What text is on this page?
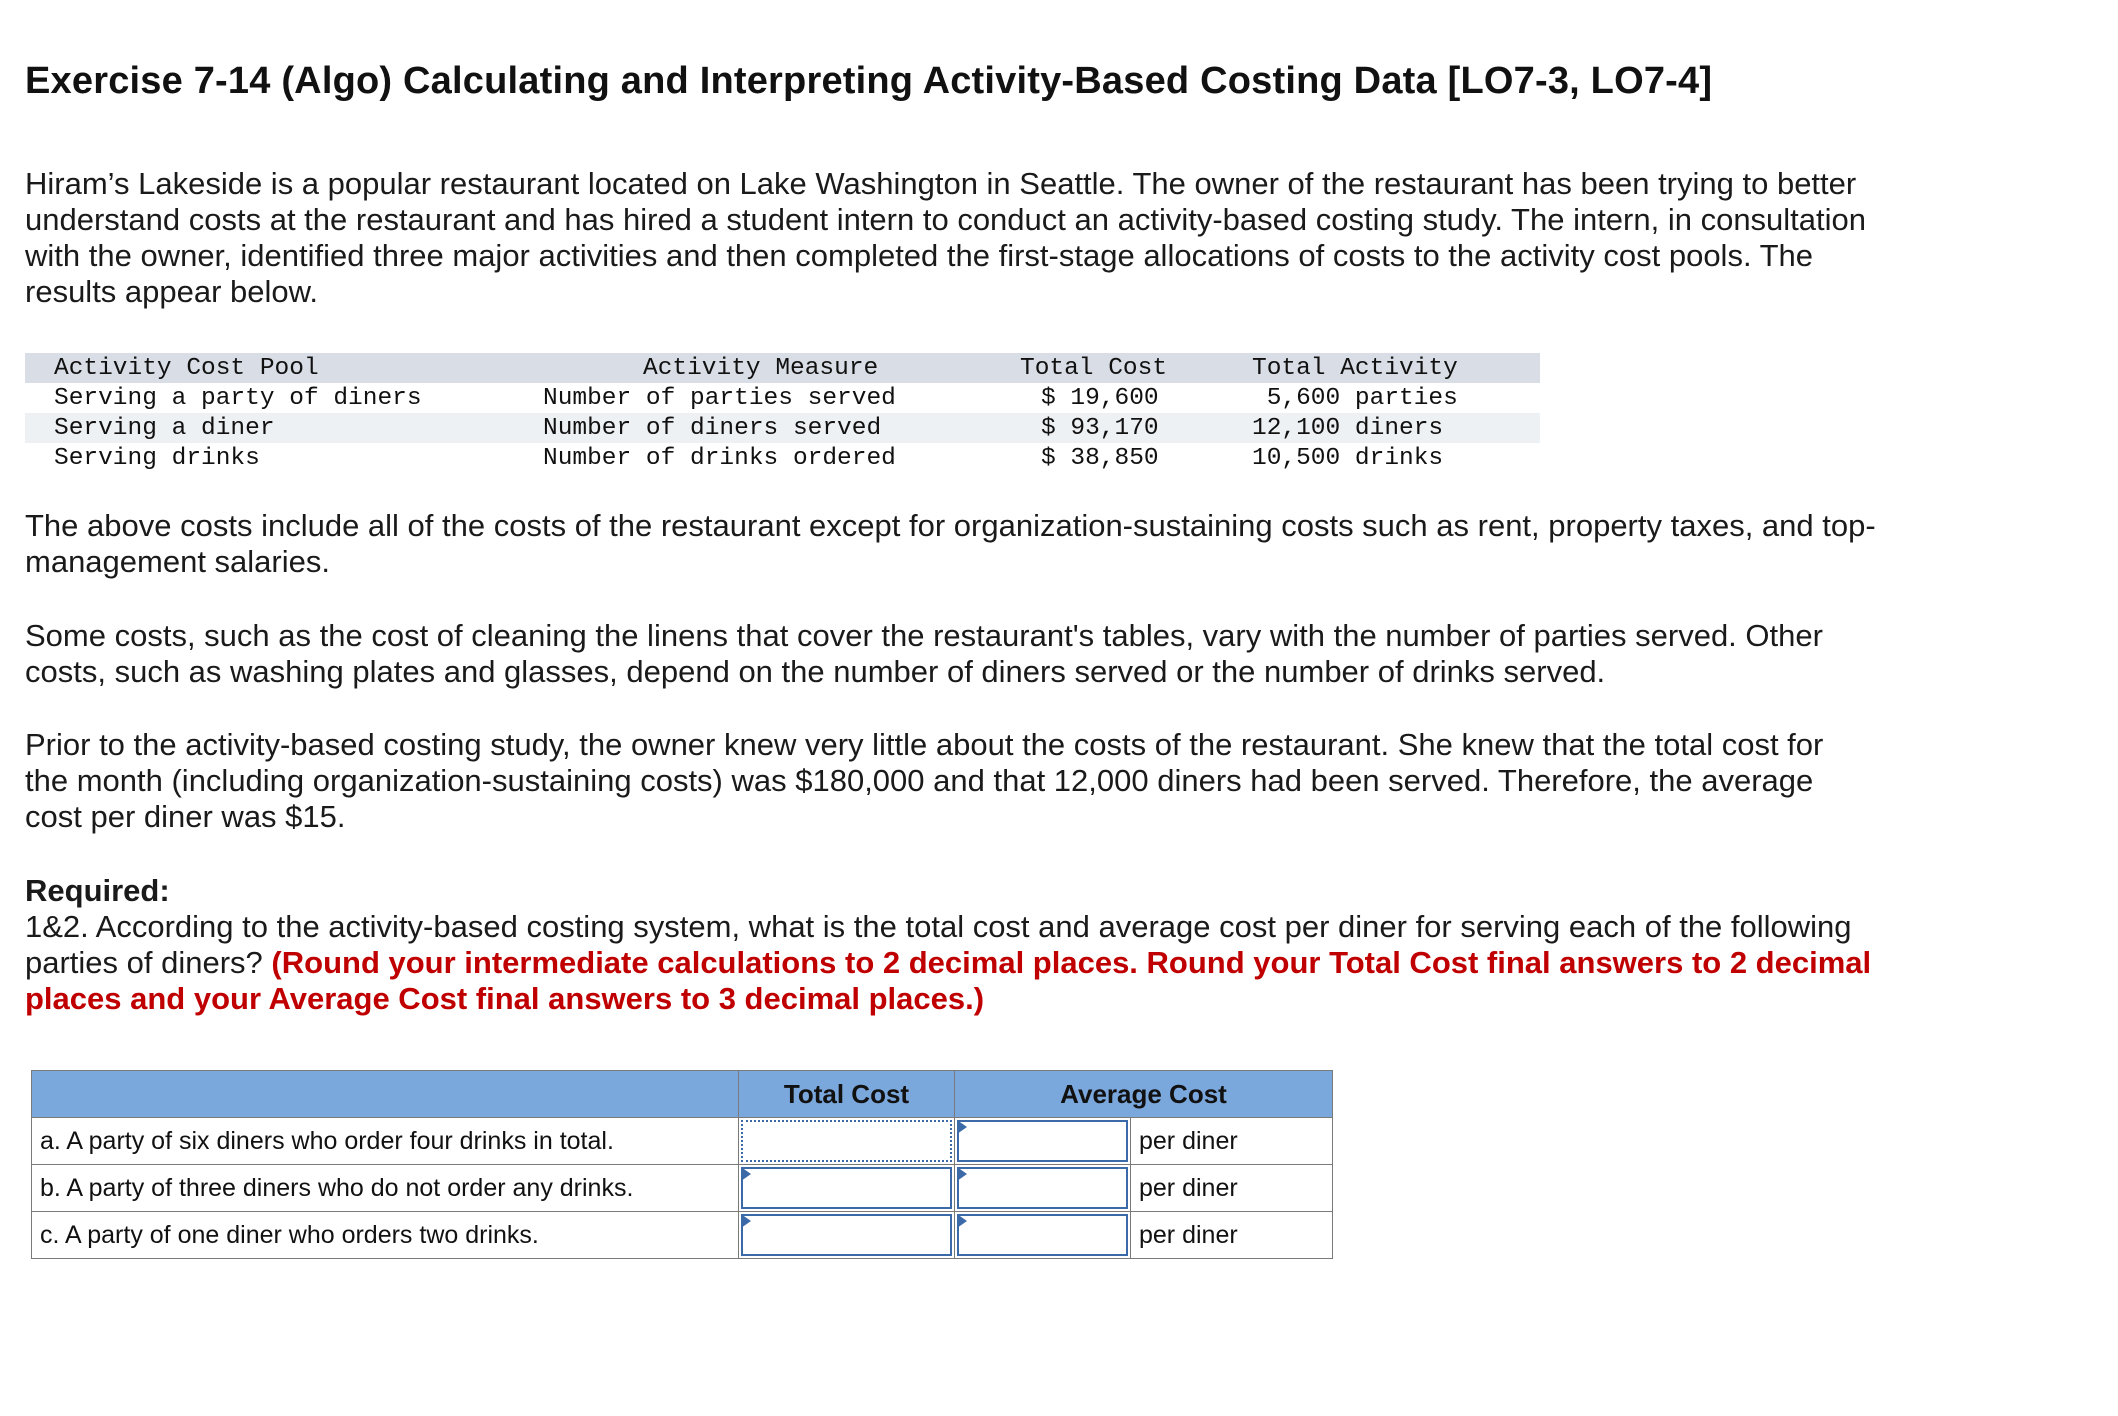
Exercise 7-14 (Algo) Calculating and Interpreting Activity-Based Costing Data [LO7-3, LO7-4]
Hiram’s Lakeside is a popular restaurant located on Lake Washington in Seattle. The owner of the restaurant has been trying to better
understand costs at the restaurant and has hired a student intern to conduct an activity-based costing study. The intern, in consultation
with the owner, identified three major activities and then completed the first-stage allocations of costs to the activity cost pools. The
results appear below.
Activity Cost Pool	Activity Measure	Total Cost	Total Activity
Serving a party of diners	Number of parties served	$ 19,600	5,600 parties
Serving a diner	Number of diners served	$ 93,170	12,100 diners
Serving drinks	Number of drinks ordered	$ 38,850	10,500 drinks
The above costs include all of the costs of the restaurant except for organization-sustaining costs such as rent, property taxes, and top-
management salaries.
Some costs, such as the cost of cleaning the linens that cover the restaurant's tables, vary with the number of parties served. Other
costs, such as washing plates and glasses, depend on the number of diners served or the number of drinks served.
Prior to the activity-based costing study, the owner knew very little about the costs of the restaurant. She knew that the total cost for
the month (including organization-sustaining costs) was $180,000 and that 12,000 diners had been served. Therefore, the average
cost per diner was $15.
Required:
1&2. According to the activity-based costing system, what is the total cost and average cost per diner for serving each of the following
parties of diners? (Round your intermediate calculations to 2 decimal places. Round your Total Cost final answers to 2 decimal
places and your Average Cost final answers to 3 decimal places.)
	Total Cost	Average Cost	
a. A party of six diners who order four drinks in total.			per diner
b. A party of three diners who do not order any drinks.			per diner
c. A party of one diner who orders two drinks.			per diner
